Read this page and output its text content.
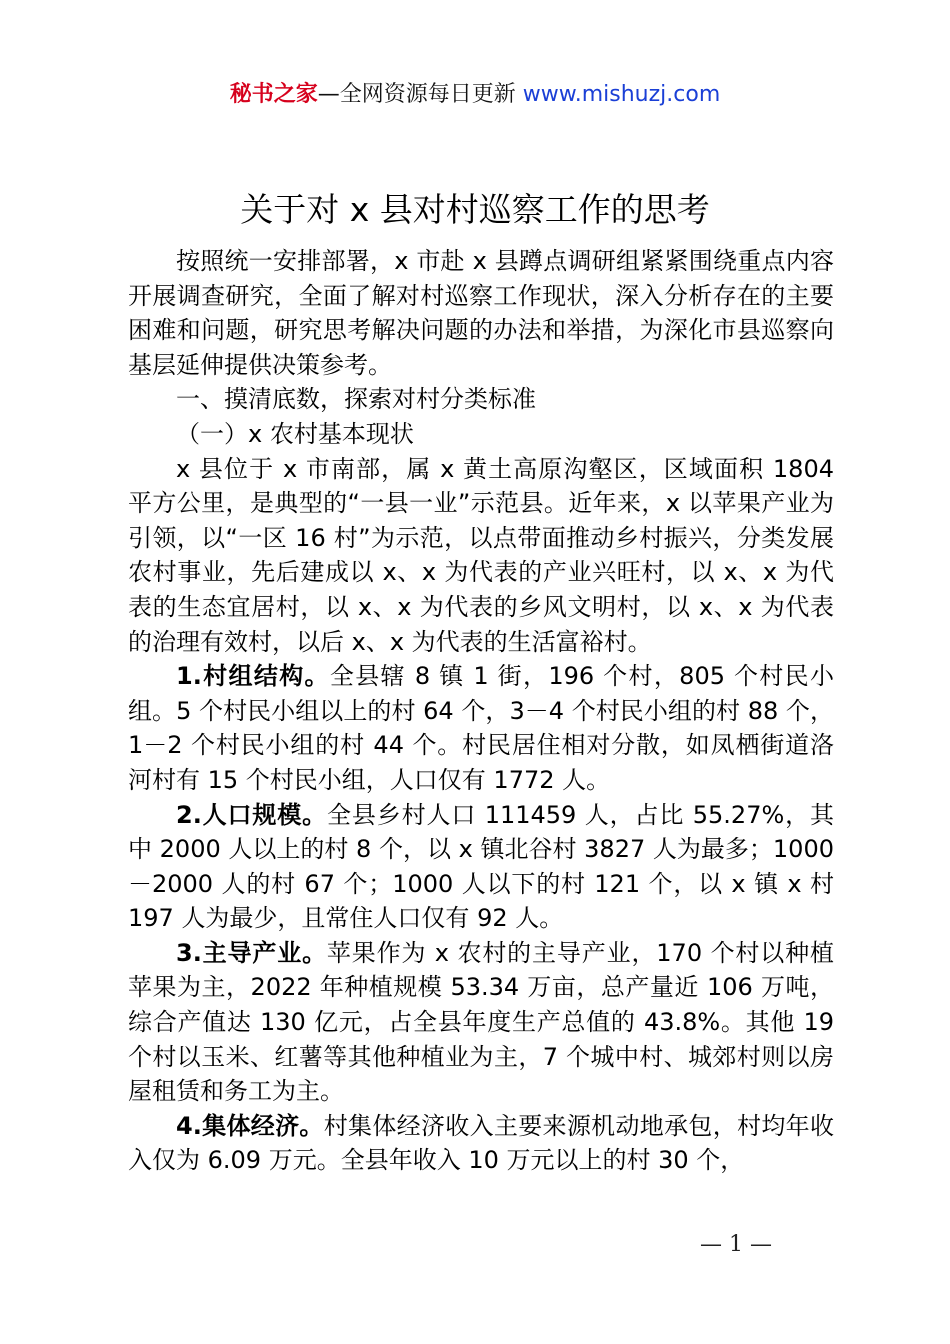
秘书之家—全网资源每日更新 www.mishuzj.com
关于对 x 县对村巡察工作的思考

按照统一安排部署，x 市赴 x 县蹲点调研组紧紧围绕重点内容开展调查研究，全面了解对村巡察工作现状，深入分析存在的主要困难和问题，研究思考解决问题的办法和举措，为深化市县巡察向基层延伸提供决策参考。

一、摸清底数，探索对村分类标准

（一）x 农村基本现状

x 县位于 x 市南部，属 x 黄土高原沟壑区，区域面积 1804 平方公里，是典型的“一县一业”示范县。近年来，x 以苹果产业为引领，以“一区 16 村”为示范，以点带面推动乡村振兴，分类发展农村事业，先后建成以 x、x 为代表的产业兴旺村，以 x、x 为代表的生态宜居村，以 x、x 为代表的乡风文明村，以 x、x 为代表的治理有效村，以后 x、x 为代表的生活富裕村。

1.村组结构。全县辖 8 镇 1 街，196 个村，805 个村民小组。5 个村民小组以上的村 64 个，3－4 个村民小组的村 88 个，1－2 个村民小组的村 44 个。村民居住相对分散，如凤栖街道洛河村有 15 个村民小组，人口仅有 1772 人。

2.人口规模。全县乡村人口 111459 人，占比 55.27%，其中 2000 人以上的村 8 个，以 x 镇北谷村 3827 人为最多；1000－2000 人的村 67 个；1000 人以下的村 121 个，以 x 镇 x 村 197 人为最少，且常住人口仅有 92 人。

3.主导产业。苹果作为 x 农村的主导产业，170 个村以种植苹果为主，2022 年种植规模 53.34 万亩，总产量近 106 万吨，综合产值达 130 亿元，占全县年度生产总值的 43.8%。其他 19 个村以玉米、红薯等其他种植业为主，7 个城中村、城郊村则以房屋租赁和务工为主。

4.集体经济。村集体经济收入主要来源机动地承包，村均年收入仅为 6.09 万元。全县年收入 10 万元以上的村 30 个，

— 1 —
